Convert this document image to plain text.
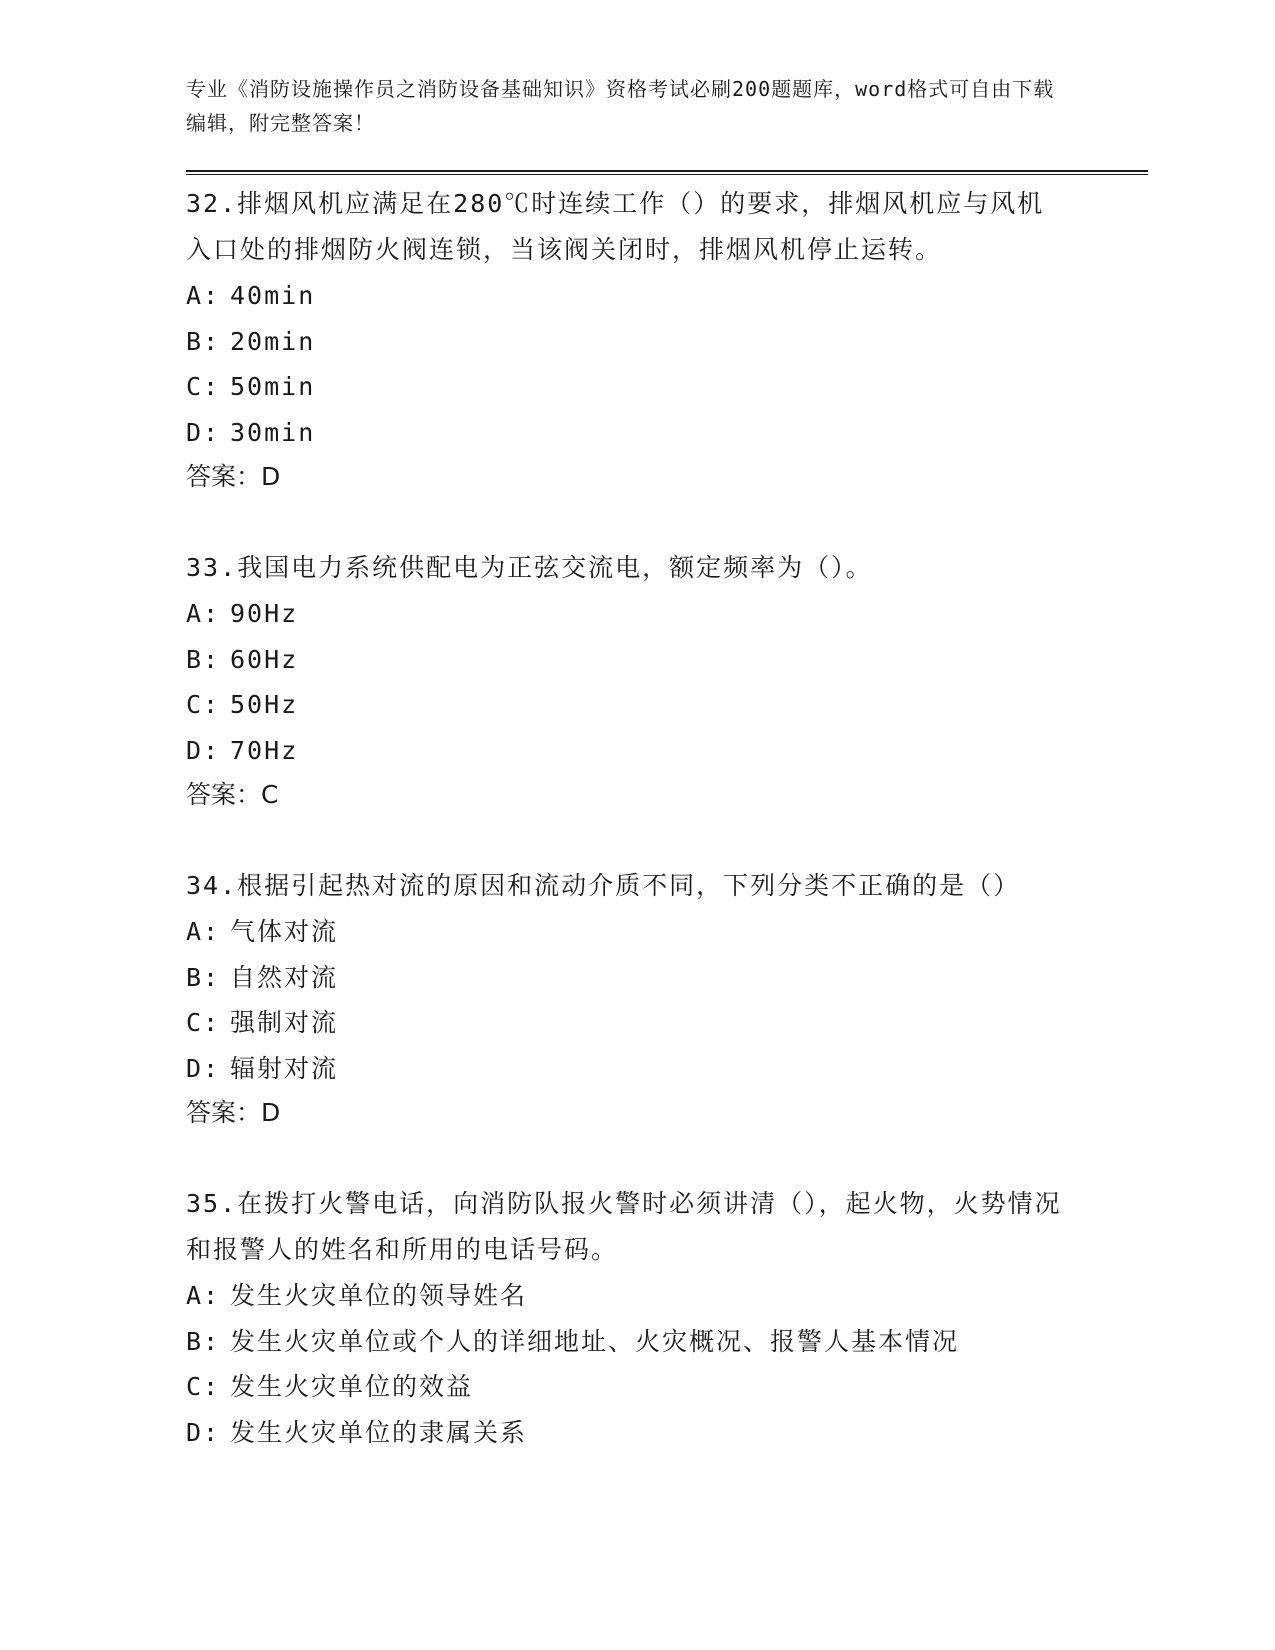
专业《消防设施操作员之消防设备基础知识》资格考试必刷200题题库，word格式可自由下载编辑，附完整答案！

32.排烟风机应满足在280℃时连续工作（）的要求，排烟风机应与风机入口处的排烟防火阀连锁，当该阀关闭时，排烟风机停止运转。

A: 40min

B: 20min

C: 50min

D: 30min

答案：D

33.我国电力系统供配电为正弦交流电，额定频率为（）。

A: 90Hz

B: 60Hz

C: 50Hz

D: 70Hz

答案：C

34.根据引起热对流的原因和流动介质不同，下列分类不正确的是（）

A: 气体对流

B: 自然对流

C: 强制对流

D: 辐射对流

答案：D

35.在拨打火警电话，向消防队报火警时必须讲清（），起火物，火势情况和报警人的姓名和所用的电话号码。

A: 发生火灾单位的领导姓名

B: 发生火灾单位或个人的详细地址、火灾概况、报警人基本情况

C: 发生火灾单位的效益

D: 发生火灾单位的隶属关系
